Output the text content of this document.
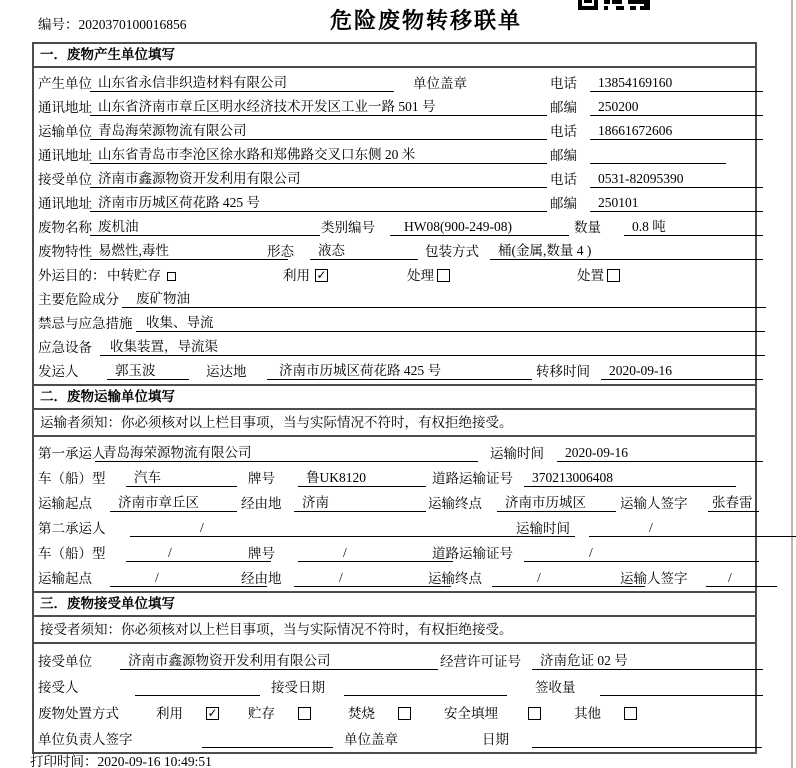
编号：2020370100016856	危险废物转移联单
一．废物产生单位填写
产生单位 山东省永信非织造材料有限公司	单位盖章	电话	13854169160
通讯地址 山东省济南市章丘区明水经济技术开发区工业一路 501 号	邮编	250200
运输单位 青岛海荣源物流有限公司	电话	18661672606
通讯地址 山东省青岛市李沧区徐水路和郑佛路交叉口东侧 20 米	邮编
接受单位 济南市鑫源物资开发利用有限公司	电话	0531-82095390
通讯地址 济南市历城区荷花路 425 号	邮编	250101
废物名称 废机油	类别编号	HW08(900-249-08)	数量	0.8 吨
废物特性 易燃性,毒性	形态	液态	包装方式	桶(金属,数量 4 )
外运目的： 中转贮存	利用 ✓	处理	处置
主要危险成分	废矿物油
禁忌与应急措施	收集、导流
应急设备	收集装置，导流渠
发运人	郭玉波	运达地	济南市历城区荷花路 425 号	转移时间	2020-09-16
二．废物运输单位填写
运输者须知：你必须核对以上栏目事项，当与实际情况不符时，有权拒绝接受。
第一承运人
青岛海荣源物流有限公司	运输时间	2020-09-16
车（船）型	汽车	牌号	鲁UK8120	道路运输证号	370213006408
运输起点	济南市章丘区	经由地	济南	运输终点	济南市历城区	运输人签字 张春雷
第二承运人	/	运输时间	/
车（船）型	/	牌号	/	道路运输证号	/
运输起点	/	经由地	/	运输终点	/	运输人签字	/
三．废物接受单位填写
接受者须知：你必须核对以上栏目事项，当与实际情况不符时，有权拒绝接受。
接受单位	济南市鑫源物资开发利用有限公司	经营许可证号	济南危证 02 号
接受人	接受日期	签收量
废物处置方式	利用 ✓ 贮存	焚烧	安全填埋	其他
单位负责人签字	单位盖章	日期
打印时间：2020-09-16 10:49:51
